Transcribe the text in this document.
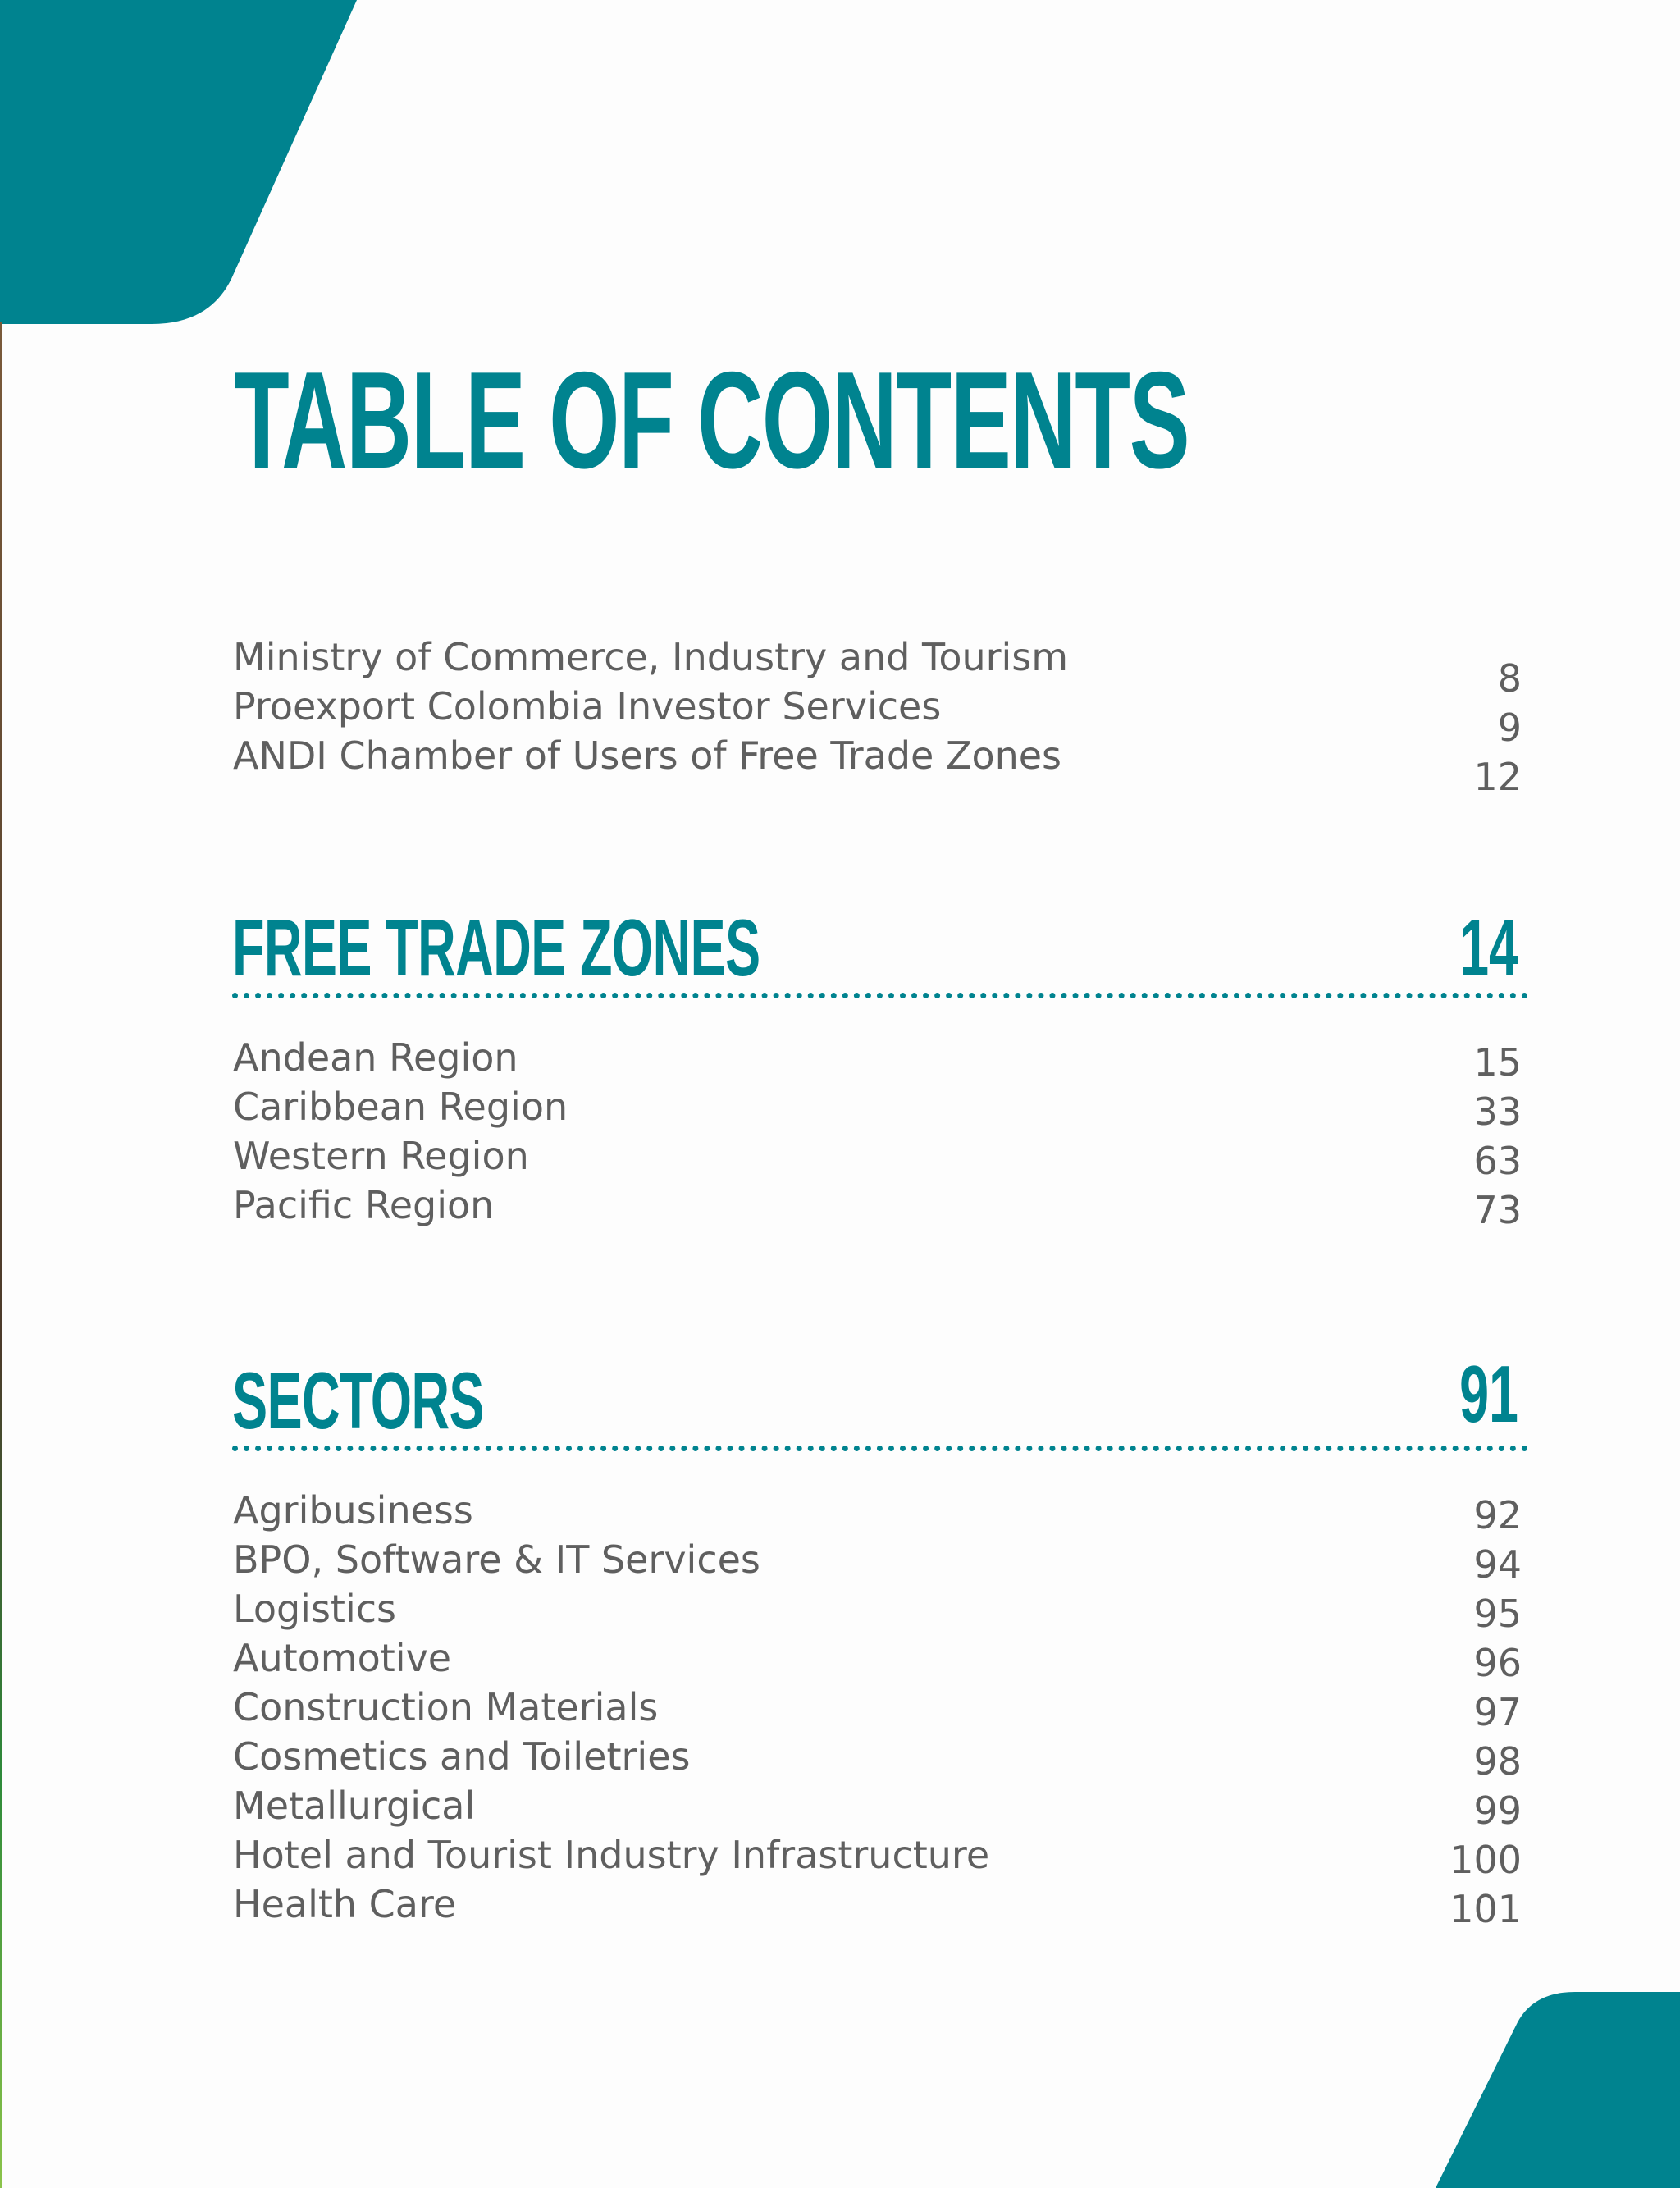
TABLE OF CONTENTS
Ministry of Commerce, Industry and Tourism
Proexport Colombia Investor Services
ANDI Chamber of Users of Free Trade Zones
8
9
12
FREE TRADE ZONES	14
Andean Region
Caribbean Region
Western Region
Pacific Region
15
33
63
73
SECTORS	91
Agribusiness
BPO, Software & IT Services
Logistics
Automotive
Construction Materials
Cosmetics and Toiletries
Metallurgical
Hotel and Tourist Industry Infrastructure
Health Care
92
94
95
96
97
98
99
100
101
